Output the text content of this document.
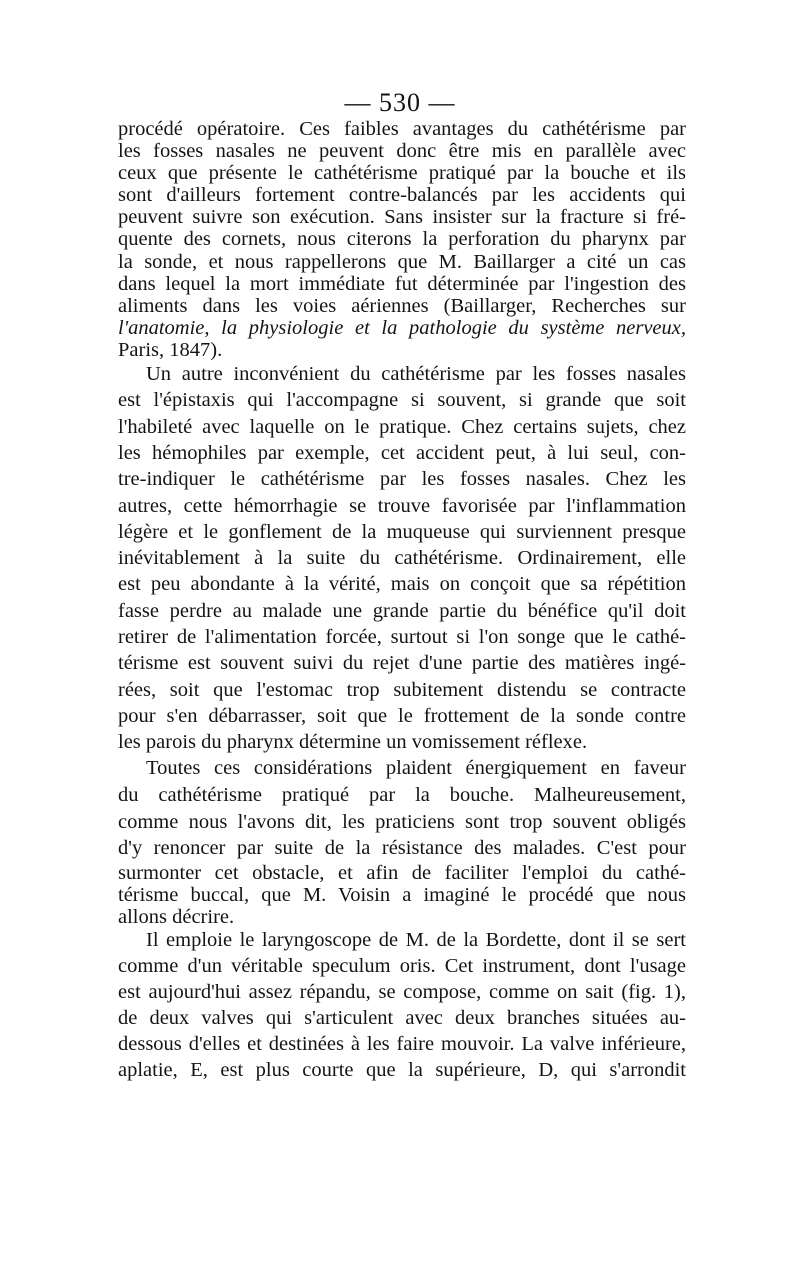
— 530 —

procédé opératoire. Ces faibles avantages du cathétérisme par
les fosses nasales ne peuvent donc être mis en parallèle avec
ceux que présente le cathétérisme pratiqué par la bouche et ils
sont d'ailleurs fortement contre-balancés par les accidents qui
peuvent suivre son exécution. Sans insister sur la fracture si fré-
quente des cornets, nous citerons la perforation du pharynx par
la sonde, et nous rappellerons que M. Baillarger a cité un cas
dans lequel la mort immédiate fut déterminée par l'ingestion des
aliments dans les voies aériennes (Baillarger, Recherches sur
l'anatomie, la physiologie et la pathologie du système nerveux,
Paris, 1847).

Un autre inconvénient du cathétérisme par les fosses nasales
est l'épistaxis qui l'accompagne si souvent, si grande que soit
l'habileté avec laquelle on le pratique. Chez certains sujets, chez
les hémophiles par exemple, cet accident peut, à lui seul, con-
tre-indiquer le cathétérisme par les fosses nasales. Chez les
autres, cette hémorrhagie se trouve favorisée par l'inflammation
légère et le gonflement de la muqueuse qui surviennent presque
inévitablement à la suite du cathétérisme. Ordinairement, elle
est peu abondante à la vérité, mais on conçoit que sa répétition
fasse perdre au malade une grande partie du bénéfice qu'il doit
retirer de l'alimentation forcée, surtout si l'on songe que le cathé-
térisme est souvent suivi du rejet d'une partie des matières ingé-
rées, soit que l'estomac trop subitement distendu se contracte
pour s'en débarrasser, soit que le frottement de la sonde contre
les parois du pharynx détermine un vomissement réflexe.

Toutes ces considérations plaident énergiquement en faveur
du cathétérisme pratiqué par la bouche. Malheureusement,
comme nous l'avons dit, les praticiens sont trop souvent obligés
d'y renoncer par suite de la résistance des malades. C'est pour

surmonter cet obstacle, et afin de faciliter l'emploi du cathé-
térisme buccal, que M. Voisin a imaginé le procédé que nous
allons décrire.

Il emploie le laryngoscope de M. de la Bordette, dont il se sert
comme d'un véritable speculum oris. Cet instrument, dont l'usage
est aujourd'hui assez répandu, se compose, comme on sait (fig. 1),
de deux valves qui s'articulent avec deux branches situées au-
dessous d'elles et destinées à les faire mouvoir. La valve inférieure,
aplatie, E, est plus courte que la supérieure, D, qui s'arrondit
